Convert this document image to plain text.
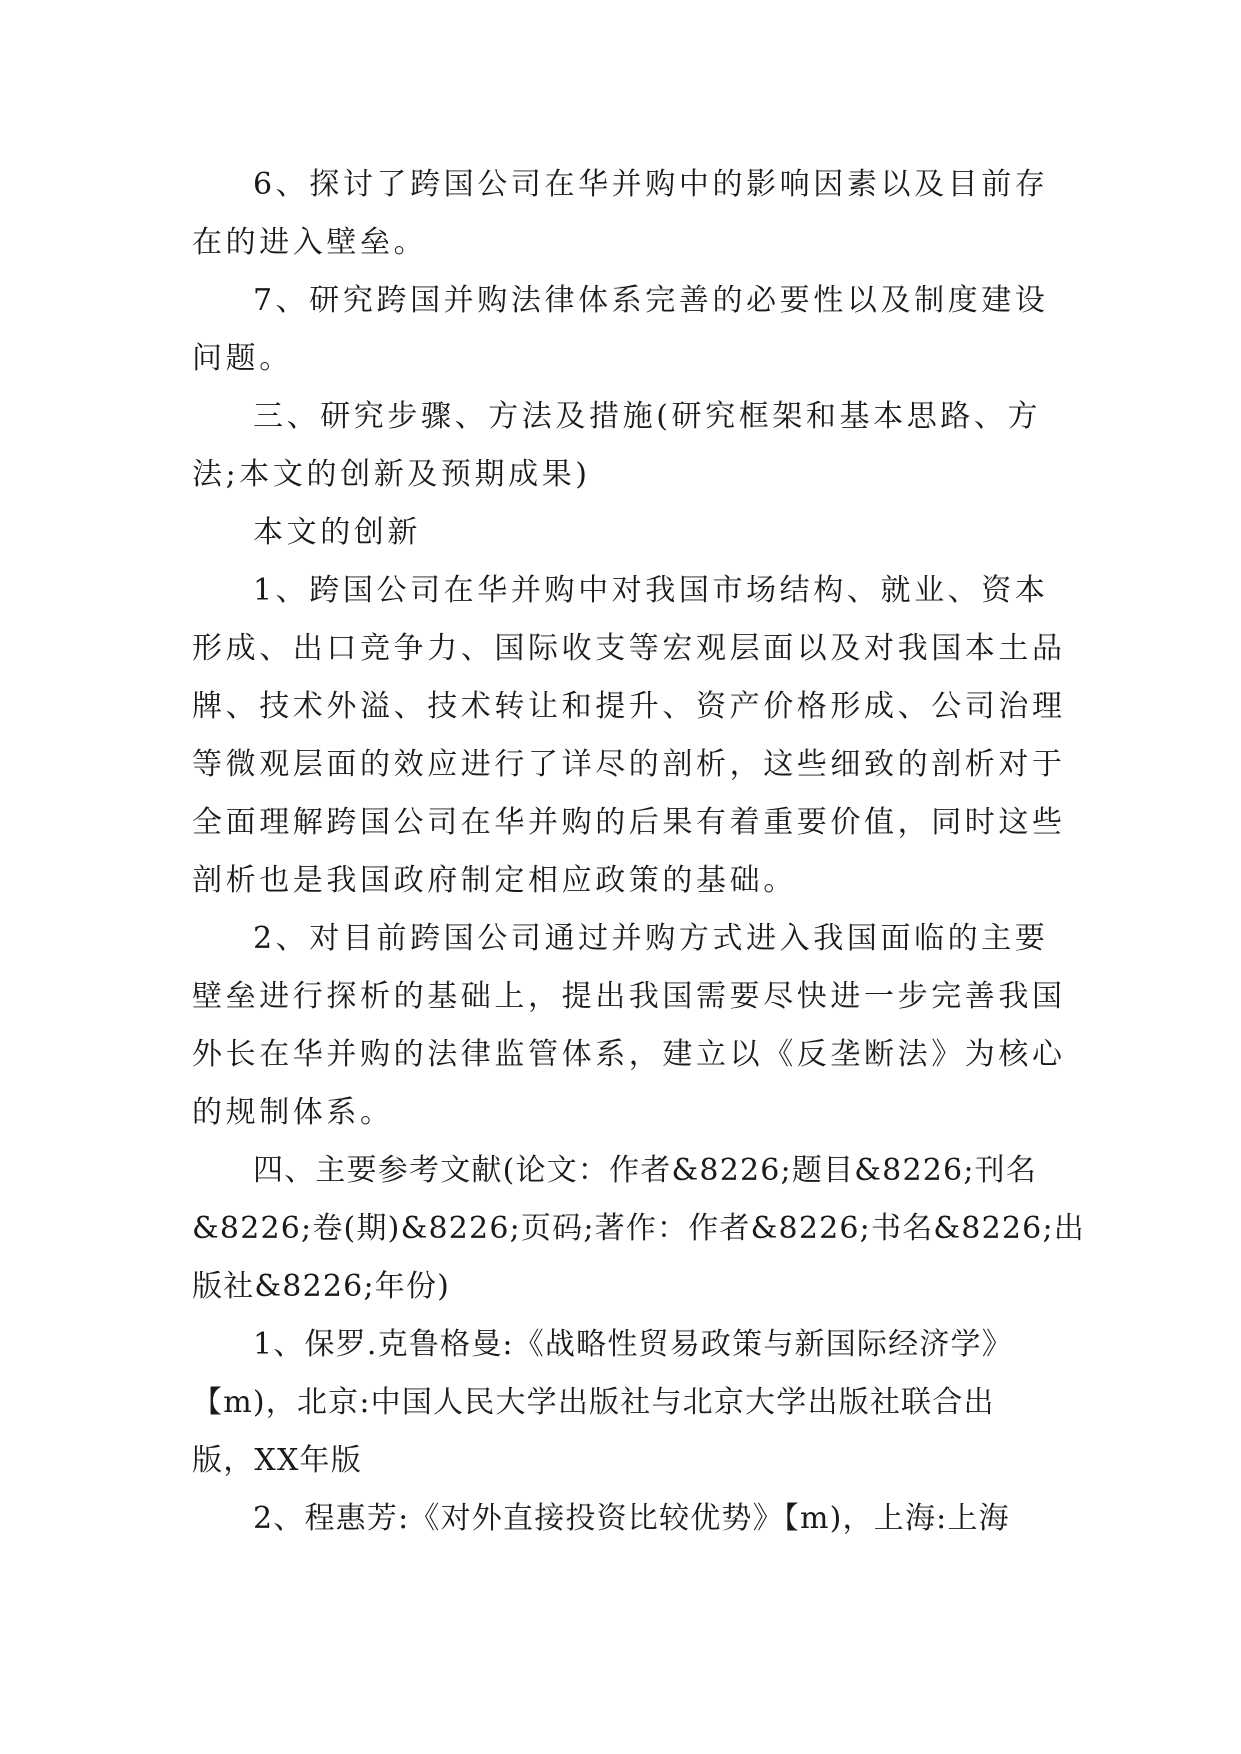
6、探讨了跨国公司在华并购中的影响因素以及目前存
在的进入壁垒。
7、研究跨国并购法律体系完善的必要性以及制度建设
问题。
三、研究步骤、方法及措施(研究框架和基本思路、方
法;本文的创新及预期成果)
本文的创新
1、跨国公司在华并购中对我国市场结构、就业、资本
形成、出口竞争力、国际收支等宏观层面以及对我国本土品
牌、技术外溢、技术转让和提升、资产价格形成、公司治理
等微观层面的效应进行了详尽的剖析，这些细致的剖析对于
全面理解跨国公司在华并购的后果有着重要价值，同时这些
剖析也是我国政府制定相应政策的基础。
2、对目前跨国公司通过并购方式进入我国面临的主要
壁垒进行探析的基础上，提出我国需要尽快进一步完善我国
外长在华并购的法律监管体系，建立以《反垄断法》为核心
的规制体系。
四、主要参考文献(论文：作者&8226;题目&8226;刊名
&8226;卷(期)&8226;页码;著作：作者&8226;书名&8226;出
版社&8226;年份)
1、保罗.克鲁格曼:《战略性贸易政策与新国际经济学》
【m)，北京:中国人民大学出版社与北京大学出版社联合出
版，XX年版
2、程惠芳:《对外直接投资比较优势》【m)，上海:上海
